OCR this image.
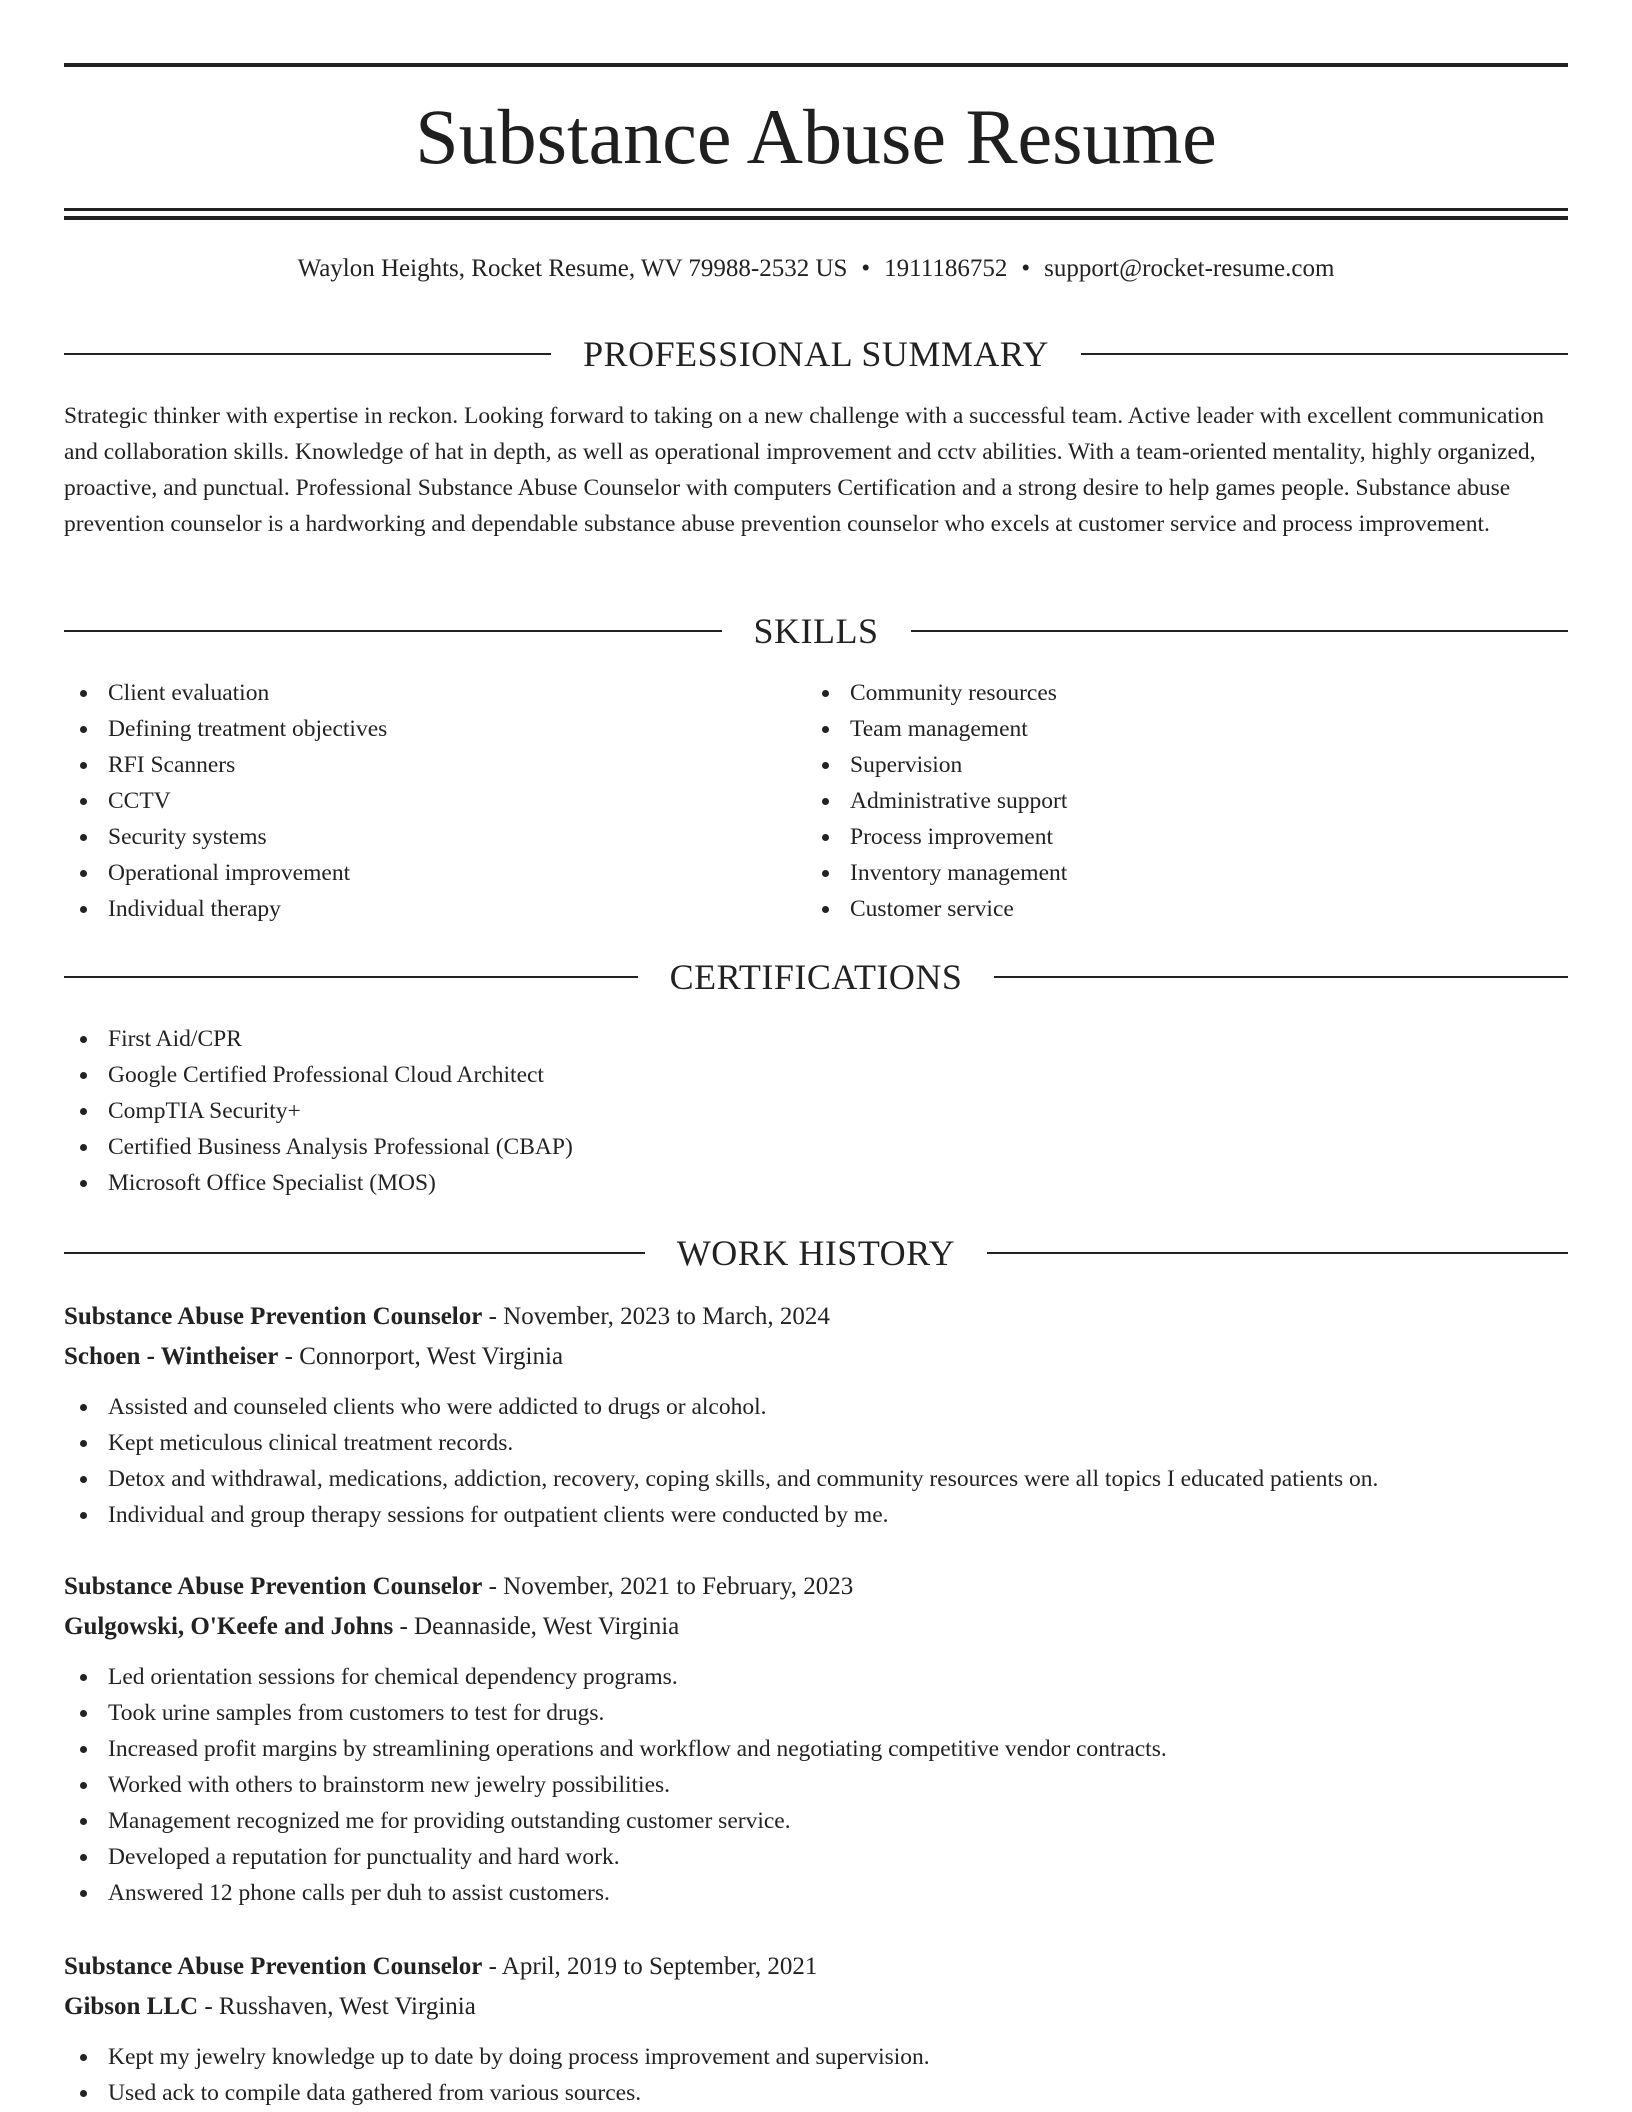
Substance Abuse Resume
Waylon Heights, Rocket Resume, WV 79988-2532 US • 1911186752 • support@rocket-resume.com
PROFESSIONAL SUMMARY

Strategic thinker with expertise in reckon. Looking forward to taking on a new challenge with a successful team. Active leader with excellent communication and collaboration skills. Knowledge of hat in depth, as well as operational improvement and cctv abilities. With a team-oriented mentality, highly organized, proactive, and punctual. Professional Substance Abuse Counselor with computers Certification and a strong desire to help games people. Substance abuse prevention counselor is a hardworking and dependable substance abuse prevention counselor who excels at customer service and process improvement.

SKILLS
Client evaluation
Defining treatment objectives
RFI Scanners
CCTV
Security systems
Operational improvement
Individual therapy
Community resources
Team management
Supervision
Administrative support
Process improvement
Inventory management
Customer service
CERTIFICATIONS
First Aid/CPR
Google Certified Professional Cloud Architect
CompTIA Security+
Certified Business Analysis Professional (CBAP)
Microsoft Office Specialist (MOS)
WORK HISTORY
Substance Abuse Prevention Counselor - November, 2023 to March, 2024
Schoen - Wintheiser - Connorport, West Virginia
Assisted and counseled clients who were addicted to drugs or alcohol.
Kept meticulous clinical treatment records.
Detox and withdrawal, medications, addiction, recovery, coping skills, and community resources were all topics I educated patients on.
Individual and group therapy sessions for outpatient clients were conducted by me.
Substance Abuse Prevention Counselor - November, 2021 to February, 2023
Gulgowski, O'Keefe and Johns - Deannaside, West Virginia
Led orientation sessions for chemical dependency programs.
Took urine samples from customers to test for drugs.
Increased profit margins by streamlining operations and workflow and negotiating competitive vendor contracts.
Worked with others to brainstorm new jewelry possibilities.
Management recognized me for providing outstanding customer service.
Developed a reputation for punctuality and hard work.
Answered 12 phone calls per duh to assist customers.
Substance Abuse Prevention Counselor - April, 2019 to September, 2021
Gibson LLC - Russhaven, West Virginia
Kept my jewelry knowledge up to date by doing process improvement and supervision.
Used ack to compile data gathered from various sources.
